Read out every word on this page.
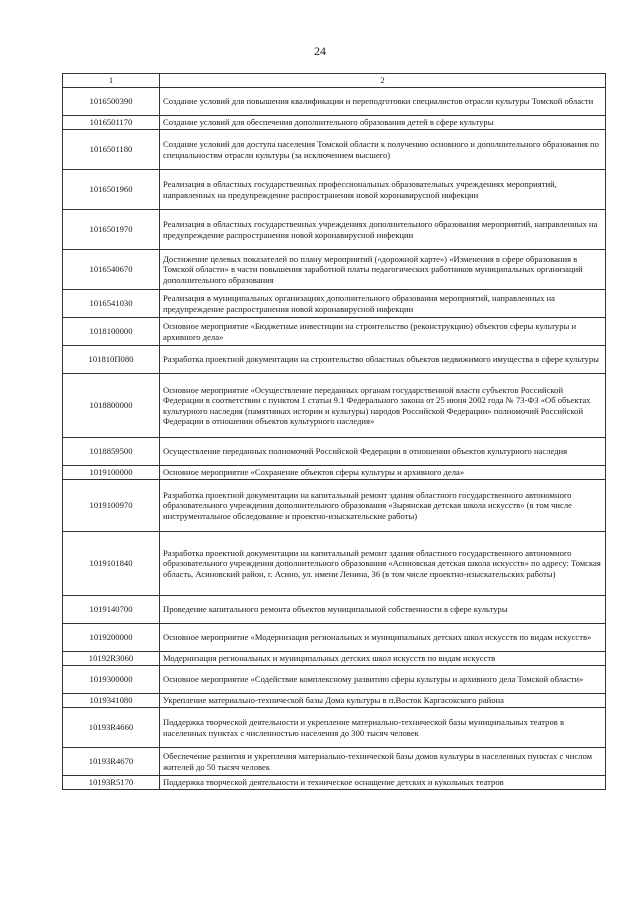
24
1	2
1016500390	Создание условий для повышения квалификации и переподготовки специалистов отрасли культуры Томской области
1016501170	Создание условий для обеспечения дополнительного образования детей в сфере культуры
1016501180	Создание условий для доступа населения Томской области к получению основного и дополнительного образования по специальностям отрасли культуры (за исключением высшего)
1016501960	Реализация в областных государственных профессиональных образовательных учреждениях мероприятий, направленных на предупреждение распространения новой коронавирусной инфекции
1016501970	Реализация в областных государственных учреждениях дополнительного образования мероприятий, направленных на предупреждение распространения новой коронавирусной инфекции
1016540670	Достижение целевых показателей по плану мероприятий («дорожной карте») «Изменения в сфере образования в Томской области» в части повышения заработной платы педагогических работников муниципальных организаций дополнительного образования
1016541030	Реализация в муниципальных организациях дополнительного образования мероприятий, направленных на предупреждение распространения новой коронавирусной инфекции
1018100000	Основное мероприятие «Бюджетные инвестиции на строительство (реконструкцию) объектов сферы культуры и архивного дела»
101810П080	Разработка проектной документации на строительство областных объектов недвижимого имущества в сфере культуры
1018800000	Основное мероприятие «Осуществление переданных органам государственной власти субъектов Российской Федерации в соответствии с пунктом 1 статьи 9.1 Федерального закона от 25 июня 2002 года № 73-ФЗ «Об объектах культурного наследия (памятниках истории и культуры) народов Российской Федерации» полномочий Российской Федерации в отношении объектов культурного наследия»
1018859500	Осуществление переданных полномочий Российской Федерации в отношении объектов культурного наследия
1019100000	Основное мероприятие «Сохранение объектов сферы культуры и архивного дела»
1019100970	Разработка проектной документации на капитальный ремонт здания областного государственного автономного образовательного учреждения дополнительного образования «Зырянская детская школа искусств» (в том числе инструментальное обследование и проектно-изыскательские работы)
1019101840	Разработка проектной документации на капитальный ремонт здания областного государственного автономного образовательного учреждения дополнительного образования «Асиновская детская школа искусств» по адресу: Томская область, Асиновский район, г. Асино, ул. имени Ленина, 36 (в том числе проектно-изыскательских работы)
1019140700	Проведение капитального ремонта объектов муниципальной собственности в сфере культуры
1019200000	Основное мероприятие «Модернизация региональных и муниципальных детских школ искусств по видам искусств»
10192R3060	Модернизация региональных и муниципальных детских школ искусств по видам искусств
1019300000	Основное мероприятие «Содействие комплексному развитию сферы культуры и архивного дела Томской области»
1019341080	Укрепление материально-технической базы Дома культуры в п.Восток Каргасокского района
10193R4660	Поддержка творческой деятельности и укрепление материально-технической базы муниципальных театров в населенных пунктах с численностью населения до 300 тысяч человек
10193R4670	Обеспечение развития и укрепления материально-технической базы домов культуры в населенных пунктах с числом жителей до 50 тысяч человек
10193R5170	Поддержка творческой деятельности и техническое оснащение детских и кукольных театров
